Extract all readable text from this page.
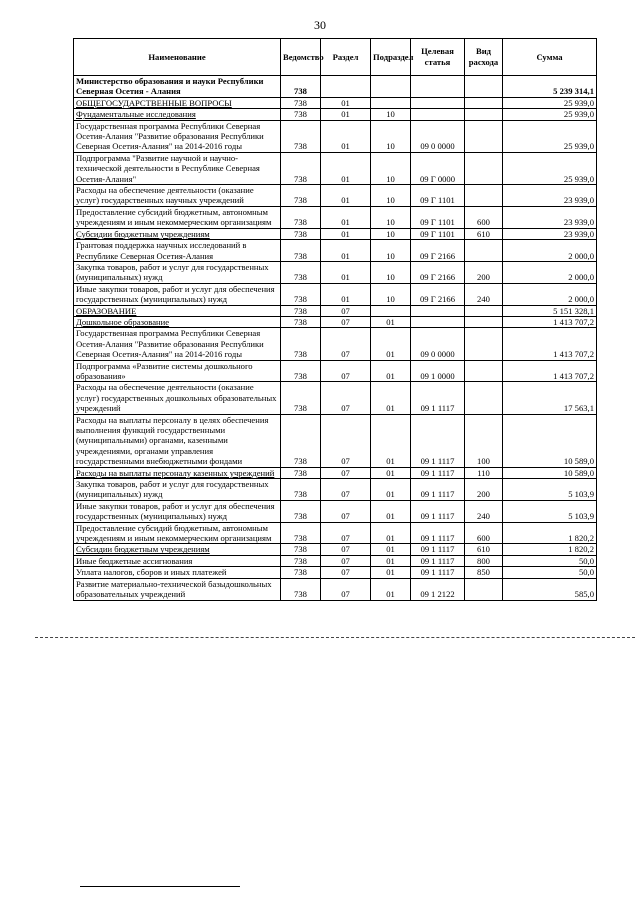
30
Наименование	Ведомство	Раздел	Подраздел	Целевая статья	Вид расхода	Сумма
Министерство образования и науки Республики Северная Осетия - Алания	738					5 239 314,1
ОБЩЕГОСУДАРСТВЕННЫЕ ВОПРОСЫ	738	01				25 939,0
Фундаментальные исследования	738	01	10			25 939,0
Государственная программа Республики Северная Осетия-Алания "Развитие образования Республики Северная Осетия-Алания" на 2014-2016 годы	738	01	10	09 0 0000		25 939,0
Подпрограмма "Развитие научной и научно-технической деятельности в Республике Северная Осетия-Алания"	738	01	10	09 Г 0000		25 939,0
Расходы на обеспечение деятельности (оказание услуг) государственных научных учреждений	738	01	10	09 Г 1101		23 939,0
Предоставление субсидий бюджетным, автономным учреждениям и иным некоммерческим организациям	738	01	10	09 Г 1101	600	23 939,0
Субсидии бюджетным учреждениям	738	01	10	09 Г 1101	610	23 939,0
Грантовая поддержка научных исследований в Республике Северная Осетия-Алания	738	01	10	09 Г 2166		2 000,0
Закупка товаров, работ и услуг для государственных (муниципальных) нужд	738	01	10	09 Г 2166	200	2 000,0
Иные закупки товаров, работ и услуг для обеспечения государственных (муниципальных) нужд	738	01	10	09 Г 2166	240	2 000,0
ОБРАЗОВАНИЕ	738	07				5 151 328,1
Дошкольное образование	738	07	01			1 413 707,2
Государственная программа Республики Северная Осетия-Алания "Развитие образования Республики Северная Осетия-Алания" на 2014-2016 годы	738	07	01	09 0 0000		1 413 707,2
Подпрограмма «Развитие системы дошкольного образования»	738	07	01	09 1 0000		1 413 707,2
Расходы на обеспечение деятельности (оказание услуг) государственных дошкольных образовательных учреждений	738	07	01	09 1 1117		17 563,1
Расходы на выплаты персоналу в целях обеспечения выполнения функций государственными (муниципальными) органами, казенными учреждениями, органами управления государственными внебюджетными фондами	738	07	01	09 1 1117	100	10 589,0
Расходы на выплаты персоналу казенных учреждений	738	07	01	09 1 1117	110	10 589,0
Закупка товаров, работ и услуг для государственных (муниципальных) нужд	738	07	01	09 1 1117	200	5 103,9
Иные закупки товаров, работ и услуг для обеспечения государственных (муниципальных) нужд	738	07	01	09 1 1117	240	5 103,9
Предоставление субсидий бюджетным, автономным учреждениям и иным некоммерческим организациям	738	07	01	09 1 1117	600	1 820,2
Субсидии бюджетным учреждениям	738	07	01	09 1 1117	610	1 820,2
Иные бюджетные ассигнования	738	07	01	09 1 1117	800	50,0
Уплата налогов, сборов и иных платежей	738	07	01	09 1 1117	850	50,0
Развитие материально-технической базыдошкольных образовательных учреждений	738	07	01	09 1 2122		585,0
